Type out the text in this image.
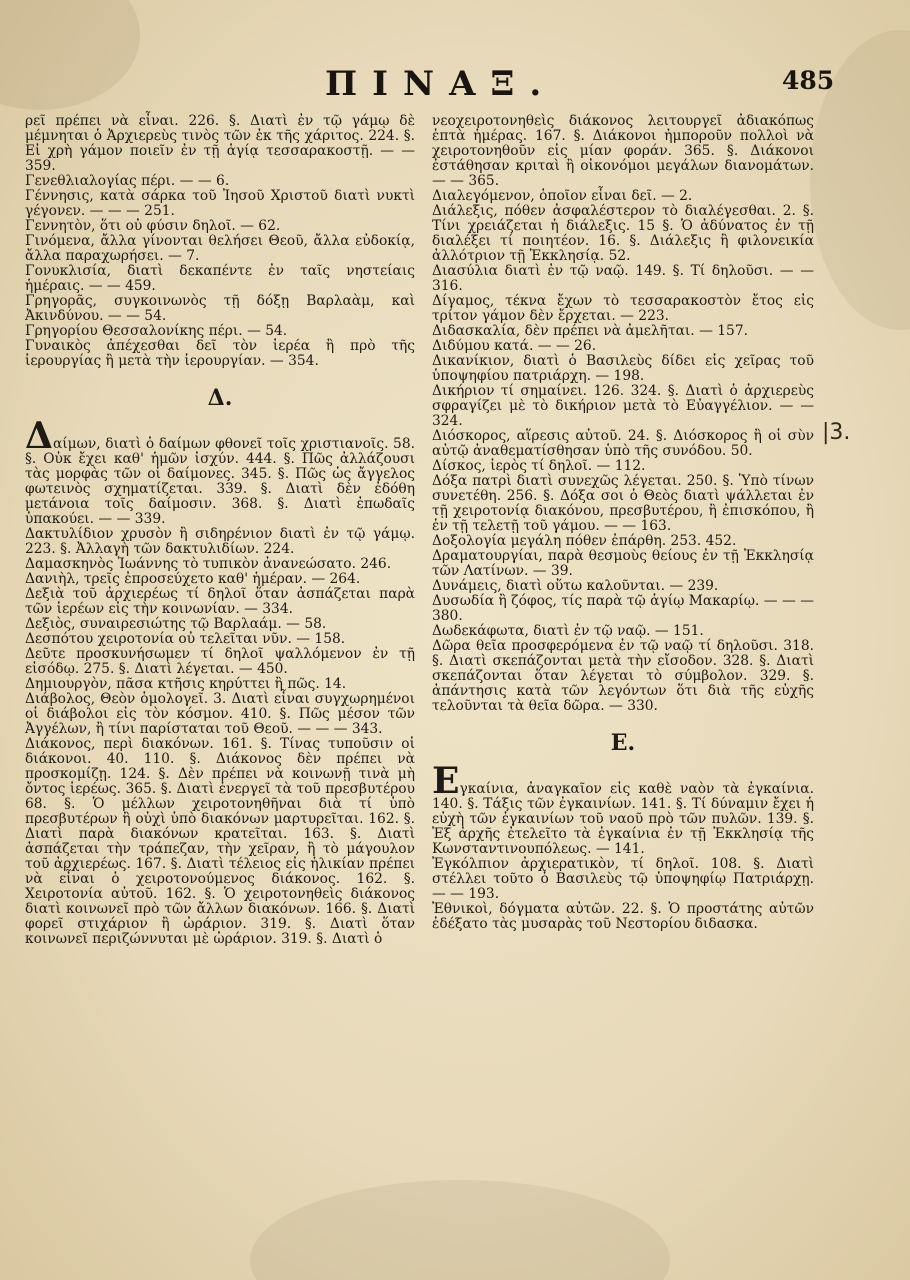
ΠΙΝΑΞ.	485

ρεῖ πρέπει νὰ εἶναι. 226. §. Διατὶ ἐν τῷ γάμῳ δὲ μέμνηται ὁ Ἀρχιερεὺς τινὸς τῶν ἐκ τῆς χάριτος. 224. §. Εἰ χρὴ γάμον ποιεῖν ἐν τῇ ἁγίᾳ τεσσαρακοστῇ. — — 359.

Γενεθλιαλογίας πέρι. — — 6.

Γέννησις, κατὰ σάρκα τοῦ Ἰησοῦ Χριστοῦ διατὶ νυκτὶ γέγονεν. — — — 251.

Γεννητὸν, ὅτι οὐ φύσιν δηλοῖ. — 62.

Γινόμενα, ἄλλα γίνονται θελήσει Θεοῦ, ἄλλα εὐδοκίᾳ, ἄλλα παραχωρήσει. — 7.

Γονυκλισία, διατὶ δεκαπέντε ἐν ταῖς νηστείαις ἡμέραις. — — 459.

Γρηγορᾶς, συγκοινωνὸς τῇ δόξῃ Βαρλαὰμ, καὶ Ἀκινδύνου. — — 54.

Γρηγορίου Θεσσαλονίκης πέρι. — 54.

Γυναικὸς ἀπέχεσθαι δεῖ τὸν ἱερέα ἢ πρὸ τῆς ἱερουργίας ἢ μετὰ τὴν ἱερουργίαν. — 354.

Δ.

Δαίμων, διατὶ ὁ δαίμων φθονεῖ τοῖς χριστιανοῖς. 58. §. Οὐκ ἔχει καθ' ἡμῶν ἰσχύν. 444. §. Πῶς ἀλλάζουσι τὰς μορφὰς τῶν οἱ δαίμονες. 345. §. Πῶς ὡς ἄγγελος φωτεινὸς σχηματίζεται. 339. §. Διατὶ δὲν ἐδόθη μετάνοια τοῖς δαίμοσιν. 368. §. Διατὶ ἐπωδαῖς ὑπακούει. — — 339.

Δακτυλίδιον χρυσὸν ἢ σιδηρένιον διατὶ ἐν τῷ γάμῳ. 223. §. Ἀλλαγὴ τῶν δακτυλιδίων. 224.

Δαμασκηνὸς Ἰωάννης τὸ τυπικὸν ἀνανεώσατο. 246.

Δανιὴλ, τρεῖς ἐπροσεύχετο καθ' ἡμέραν. — 264.

Δεξιὰ τοῦ ἀρχιερέως τί δηλοῖ ὅταν ἀσπάζεται παρὰ τῶν ἱερέων εἰς τὴν κοινωνίαν. — 334.

Δεξιὸς, συναιρεσιώτης τῷ Βαρλαάμ. — 58.

Δεσπότου χειροτονία οὐ τελεῖται νῦν. — 158.

Δεῦτε προσκυνήσωμεν τί δηλοῖ ψαλλόμενον ἐν τῇ εἰσόδῳ. 275. §. Διατὶ λέγεται. — 450.

Δημιουργὸν, πᾶσα κτῆσις κηρύττει ἢ πῶς. 14.

Διάβολος, Θεὸν ὁμολογεῖ. 3. Διατὶ εἶναι συγχωρημένοι οἱ διάβολοι εἰς τὸν κόσμον. 410. §. Πῶς μέσον τῶν Ἀγγέλων, ἢ τίνι παρίσταται τοῦ Θεοῦ. — — — 343.

Διάκονος, περὶ διακόνων. 161. §. Τίνας τυποῦσιν οἱ διάκονοι. 40. 110. §. Διάκονος δὲν πρέπει νὰ προσκομίζῃ. 124. §. Δὲν πρέπει νὰ κοινωνῇ τινὰ μὴ ὄντος ἱερέως. 365. §. Διατὶ ἐνεργεῖ τὰ τοῦ πρεσβυτέρου 68. §. Ὁ μέλλων χειροτονηθῆναι διὰ τί ὑπὸ πρεσβυτέρων ἢ οὐχὶ ὑπὸ διακόνων μαρτυρεῖται. 162. §. Διατὶ παρὰ διακόνων κρατεῖται. 163. §. Διατὶ ἀσπάζεται τὴν τράπεζαν, τὴν χεῖραν, ἢ τὸ μάγουλον τοῦ ἀρχιερέως. 167. §. Διατὶ τέλειος εἰς ἡλικίαν πρέπει νὰ εἶναι ὁ χειροτονούμενος διάκονος. 162. §. Χειροτονία αὐτοῦ. 162. §. Ὁ χειροτονηθεὶς διάκονος διατὶ κοινωνεῖ πρὸ τῶν ἄλλων διακόνων. 166. §. Διατὶ φορεῖ στιχάριον ἢ ὠράριον. 319. §. Διατὶ ὅταν κοινωνεῖ περιζώννυται μὲ ὠράριον. 319. §. Διατὶ ὁ

νεοχειροτονηθεὶς διάκονος λειτουργεῖ ἀδιακόπως ἑπτὰ ἡμέρας. 167. §. Διάκονοι ἠμποροῦν πολλοὶ νὰ χειροτονηθοῦν εἰς μίαν φοράν. 365. §. Διάκονοι ἐστάθησαν κριταὶ ἢ οἰκονόμοι μεγάλων διανομάτων. — — 365.

Διαλεγόμενον, ὁποῖον εἶναι δεῖ. — 2.

Διάλεξις, πόθεν ἀσφαλέστερον τὸ διαλέγεσθαι. 2. §. Τίνι χρειάζεται ἡ διάλεξις. 15 §. Ὁ ἀδύνατος ἐν τῇ διαλέξει τί ποιητέον. 16. §. Διάλεξις ἢ φιλονεικία ἀλλότριον τῇ Ἐκκλησίᾳ. 52.

Διασύλια διατὶ ἐν τῷ ναῷ. 149. §. Τί δηλοῦσι. — — 316.

Δίγαμος, τέκνα ἔχων τὸ τεσσαρακοστὸν ἔτος εἰς τρίτον γάμον δὲν ἔρχεται. — 223.

Διδασκαλία, δὲν πρέπει νὰ ἀμελῆται. — 157.

Διδύμου κατά. — — 26.

Δικανίκιον, διατὶ ὁ Βασιλεὺς δίδει εἰς χεῖρας τοῦ ὑποψηφίου πατριάρχη. — 198.

Δικήριον τί σημαίνει. 126. 324. §. Διατὶ ὁ ἀρχιερεὺς σφραγίζει μὲ τὸ δικήριον μετὰ τὸ Εὐαγγέλιον. — — 324.

Διόσκορος, αἵρεσις αὐτοῦ. 24. §. Διόσκορος ἢ οἱ σὺν αὐτῷ ἀναθεματίσθησαν ὑπὸ τῆς συνόδου. 50.

Δίσκος, ἱερὸς τί δηλοῖ. — 112.

Δόξα πατρὶ διατὶ συνεχῶς λέγεται. 250. §. Ὑπὸ τίνων συνετέθη. 256. §. Δόξα σοι ὁ Θεὸς διατὶ ψάλλεται ἐν τῇ χειροτονίᾳ διακόνου, πρεσβυτέρου, ἢ ἐπισκόπου, ἢ ἐν τῇ τελετῇ τοῦ γάμου. — — 163.

Δοξολογία μεγάλη πόθεν ἐπάρθη. 253. 452.

Δραματουργίαι, παρὰ θεσμοὺς θείους ἐν τῇ Ἐκκλησίᾳ τῶν Λατίνων. — 39.

Δυνάμεις, διατὶ οὕτω καλοῦνται. — 239.

Δυσωδία ἢ ζόφος, τίς παρὰ τῷ ἁγίῳ Μακαρίῳ. — — — 380.

Δωδεκάφωτα, διατὶ ἐν τῷ ναῷ. — 151.

Δῶρα θεῖα προσφερόμενα ἐν τῷ ναῷ τί δηλοῦσι. 318. §. Διατὶ σκεπάζονται μετὰ τὴν εἴσοδον. 328. §. Διατὶ σκεπάζονται ὅταν λέγεται τὸ σύμβολον. 329. §. ἀπάντησις κατὰ τῶν λεγόντων ὅτι διὰ τῆς εὐχῆς τελοῦνται τὰ θεῖα δῶρα. — 330.

E.

Εγκαίνια, ἀναγκαῖον εἰς καθὲ ναὸν τὰ ἐγκαίνια. 140. §. Τάξις τῶν ἐγκαινίων. 141. §. Τί δύναμιν ἔχει ἡ εὐχὴ τῶν ἐγκαινίων τοῦ ναοῦ πρὸ τῶν πυλῶν. 139. §. Ἐξ ἀρχῆς ἐτελεῖτο τὰ ἐγκαίνια ἐν τῇ Ἐκκλησίᾳ τῆς Κωνσταντινουπόλεως. — 141.

Ἐγκόλπιον ἀρχιερατικὸν, τί δηλοῖ. 108. §. Διατὶ στέλλει τοῦτο ὁ Βασιλεὺς τῷ ὑποψηφίῳ Πατριάρχῃ. — — 193.

Ἐθνικοὶ, δόγματα αὐτῶν. 22. §. Ὁ προστάτης αὐτῶν ἐδέξατο τὰς μυσαρὰς τοῦ Νεστορίου διδασκα.

|3.
